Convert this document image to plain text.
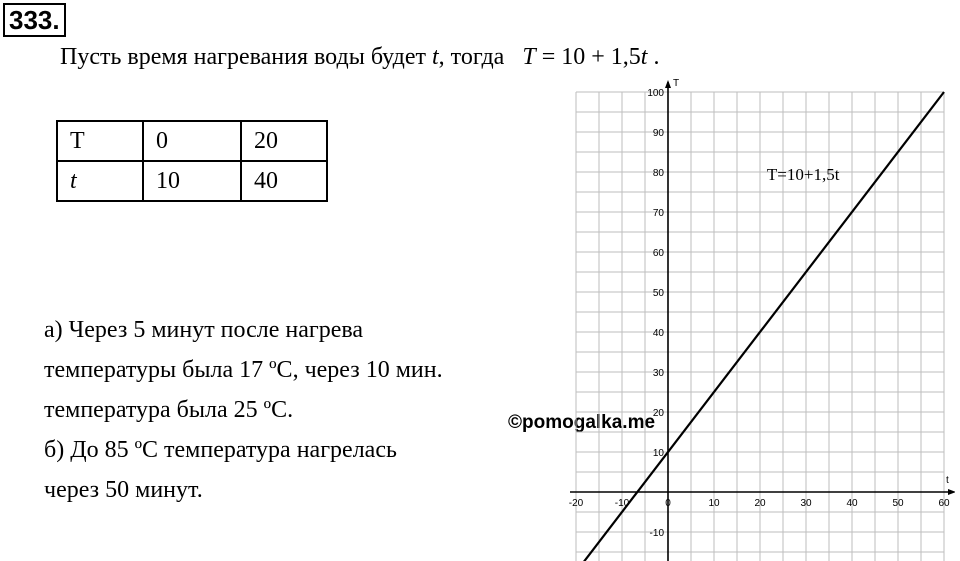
333.
Пусть время нагревания воды будет t, тогда T = 10 + 1,5t .
T	0	20
t	10	40
а) Через 5 минут после нагрева
температуры была 17 ºС, через 10 мин.
температура была 25 ºС.
б) До 85 ºС температура нагрелась
через 50 минут.
©pomogalka.me
T
t
-20	-10	0	10	20	30	40	50	60
-10
10
20
30
40
50
60
70
80
90
100
T=10+1,5t
